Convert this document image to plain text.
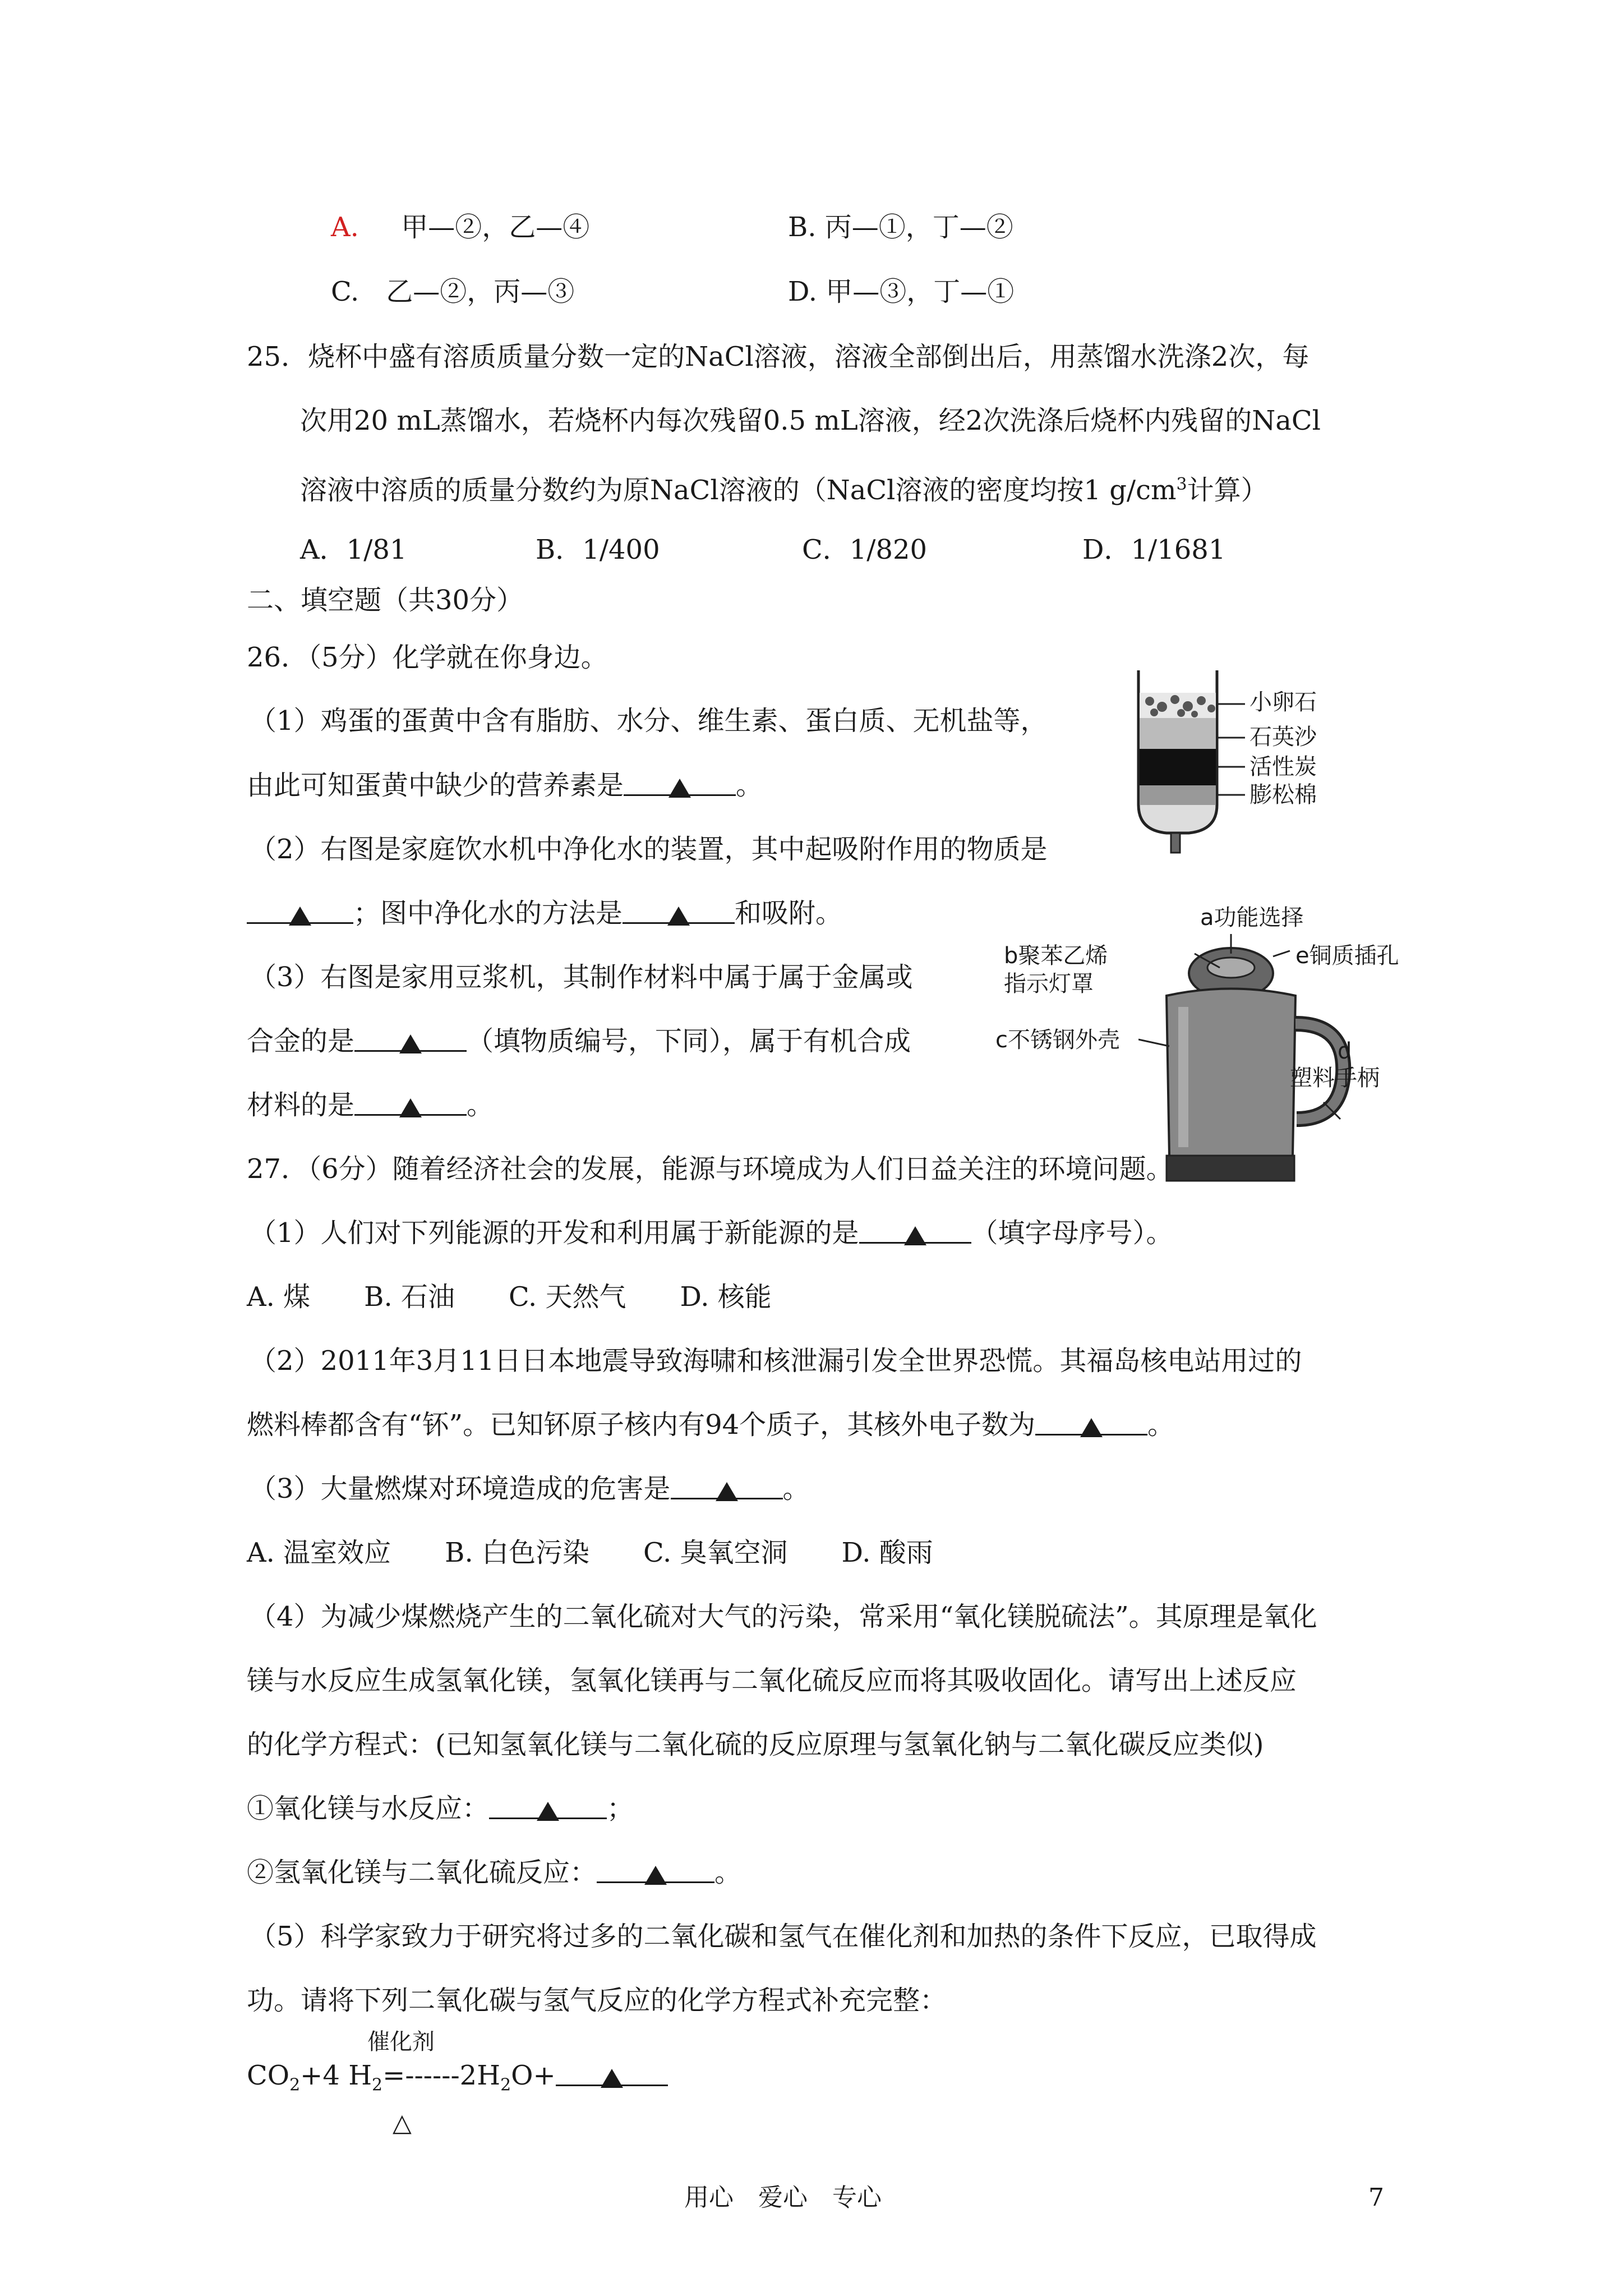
A. 甲—②，乙—④	B. 丙—①，丁—②
C.　乙—②，丙—③	D. 甲—③，丁—①
25．烧杯中盛有溶质质量分数一定的NaCl溶液，溶液全部倒出后，用蒸馏水洗涤2次，每
次用20 mL蒸馏水，若烧杯内每次残留0.5 mL溶液，经2次洗涤后烧杯内残留的NaCl
溶液中溶质的质量分数约为原NaCl溶液的（NaCl溶液的密度均按1 $g/cm^3$计算）
A．1/81	B．1/400	C．1/820	D．1/1681
二、填空题（共30分）
26．（5分）化学就在你身边。
（1）鸡蛋的蛋黄中含有脂肪、水分、维生素、蛋白质、无机盐等，
由此可知蛋黄中缺少的营养素是	。
（2）右图是家庭饮水机中净化水的装置，其中起吸附作用的物质是
；图中净化水的方法是	和吸附。
（3）右图是家用豆浆机，其制作材料中属于属于金属或
合金的是	（填物质编号，下同），属于有机合成
材料的是	。
小卵石
石英沙
活性炭
膨松棉
a功能选择
b聚苯乙烯
指示灯罩
e铜质插孔
c不锈钢外壳	d
塑料手柄
27．（6分）随着经济社会的发展，能源与环境成为人们日益关注的环境问题。
（1）人们对下列能源的开发和利用属于新能源的是	（填字母序号）。
A. 煤　　B. 石油　　C. 天然气　　D. 核能
（2）2011年3月11日日本地震导致海啸和核泄漏引发全世界恐慌。其福岛核电站用过的
燃料棒都含有“钚”。已知钚原子核内有94个质子，其核外电子数为	。
（3）大量燃煤对环境造成的危害是	。
A. 温室效应　　B. 白色污染　　C. 臭氧空洞　　D. 酸雨
（4）为减少煤燃烧产生的二氧化硫对大气的污染，常采用“氧化镁脱硫法”。其原理是氧化
镁与水反应生成氢氧化镁，氢氧化镁再与二氧化硫反应而将其吸收固化。请写出上述反应
的化学方程式：(已知氢氧化镁与二氧化硫的反应原理与氢氧化钠与二氧化碳反应类似)
①氧化镁与水反应：	；
②氢氧化镁与二氧化硫反应：	。
（5）科学家致力于研究将过多的二氧化碳和氢气在催化剂和加热的条件下反应，已取得成
功。请将下列二氧化碳与氢气反应的化学方程式补充完整：
催化剂
$CO_2+4$ $H_2=------2H_2O+$
△
用心　爱心　专心	7
